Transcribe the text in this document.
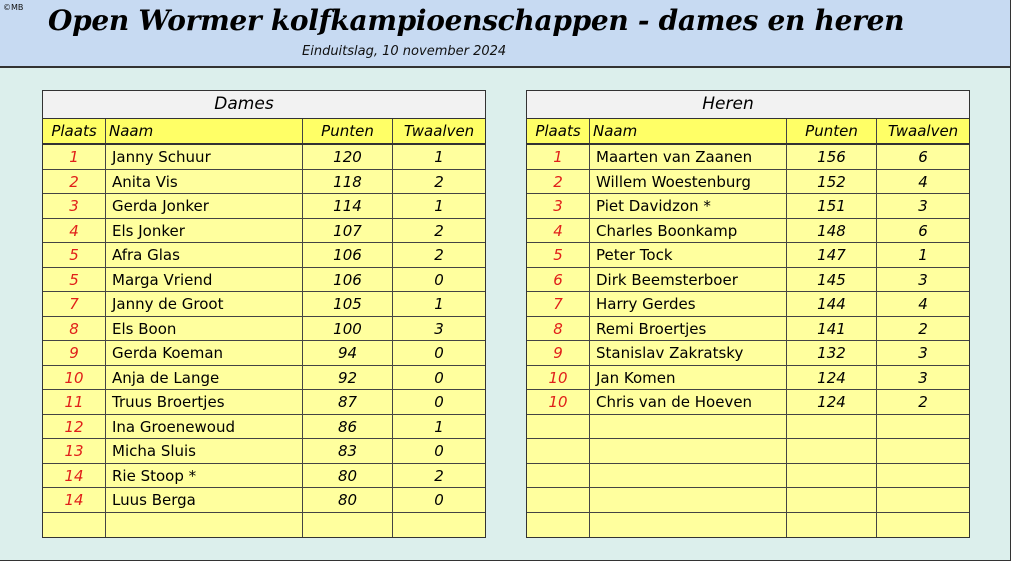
©MB Open Wormer kolfkampioenschappen - dames en heren
Einduitslag, 10 november 2024
Dames
Plaats Naam	Punten	Twaalven
1	Janny Schuur	120	1
2	Anita Vis	118	2
3	Gerda Jonker	114	1
4	Els Jonker	107	2
5	Afra Glas	106	2
5	Marga Vriend	106	0
7	Janny de Groot	105	1
8	Els Boon	100	3
9	Gerda Koeman	94	0
10	Anja de Lange	92	0
11	Truus Broertjes	87	0
12	Ina Groenewoud	86	1
13	Micha Sluis	83	0
14	Rie Stoop *	80	2
14	Luus Berga	80	0
Heren
Plaats Naam	Punten	Twaalven
1	Maarten van Zaanen	156	6
2	Willem Woestenburg	152	4
3	Piet Davidzon *	151	3
4	Charles Boonkamp	148	6
5	Peter Tock	147	1
6	Dirk Beemsterboer	145	3
7	Harry Gerdes	144	4
8	Remi Broertjes	141	2
9	Stanislav Zakratsky	132	3
10	Jan Komen	124	3
10	Chris van de Hoeven	124	2
